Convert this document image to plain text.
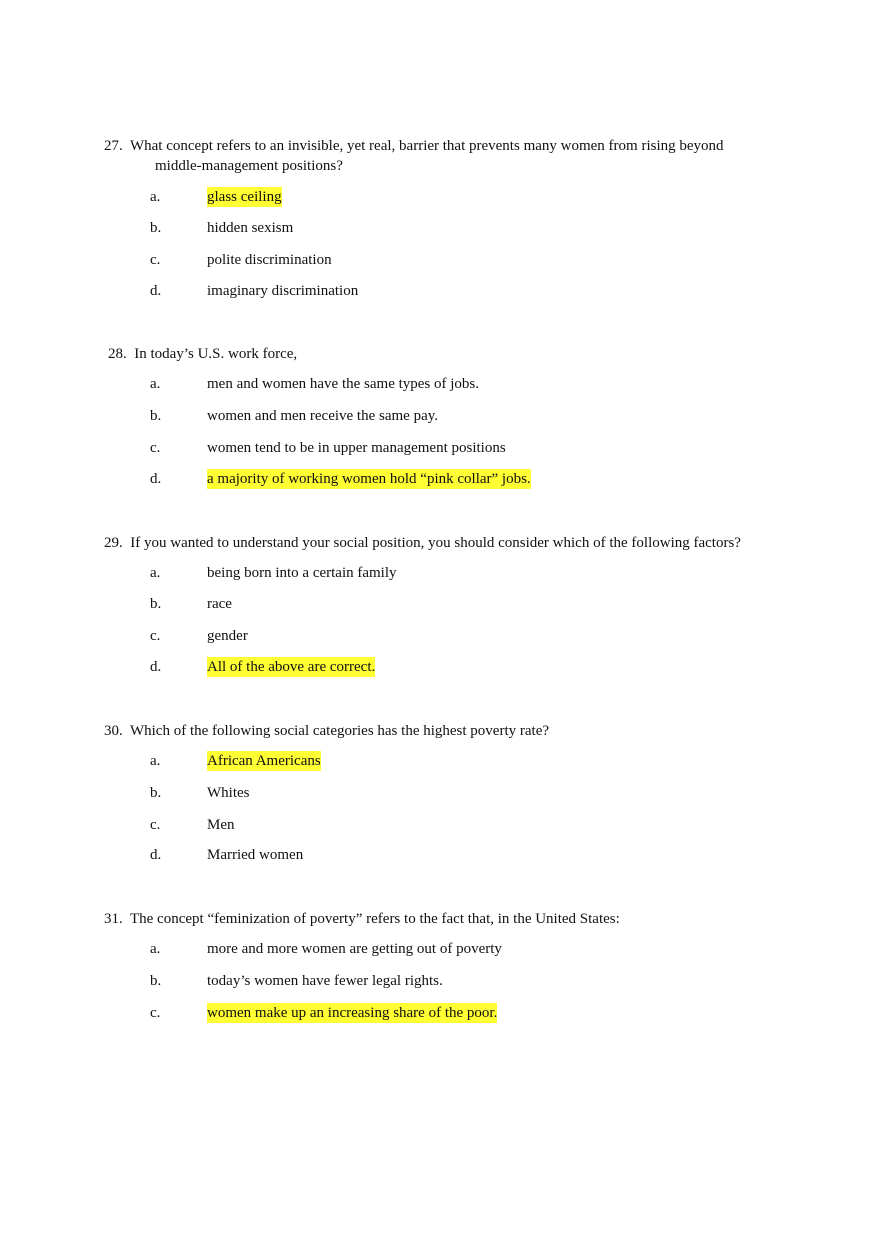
27. What concept refers to an invisible, yet real, barrier that prevents many women from rising beyond
middle-management positions?
a.	glass ceiling
b.	hidden sexism
c.	polite discrimination
d.	imaginary discrimination
28. In today’s U.S. work force,
a.	men and women have the same types of jobs.
b.	women and men receive the same pay.
c.	women tend to be in upper management positions
d.	a majority of working women hold “pink collar” jobs.
29. If you wanted to understand your social position, you should consider which of the following factors?
a.	being born into a certain family
b.	race
c.	gender
d.	All of the above are correct.
30. Which of the following social categories has the highest poverty rate?
a.	African Americans
b.	Whites
c.	Men
d.	Married women
31. The concept “feminization of poverty” refers to the fact that, in the United States:
a.	more and more women are getting out of poverty
b.	today’s women have fewer legal rights.
c.	women make up an increasing share of the poor.
